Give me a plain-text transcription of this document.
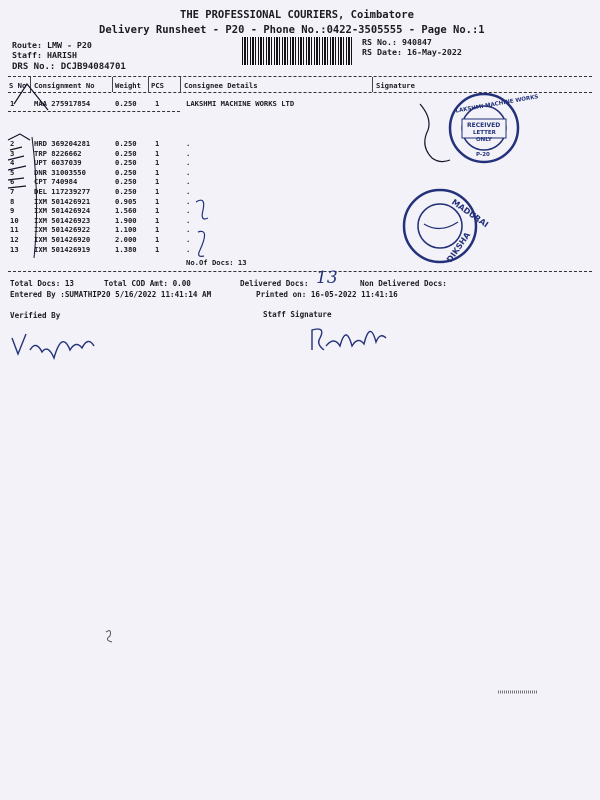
THE PROFESSIONAL COURIERS, Coimbatore
Delivery Runsheet - P20 - Phone No.:0422-3505555 - Page No.:1
Route: LMW - P20
Staff: HARISH
DRS No.: DCJB94084701
RS No.: 940847
RS Date: 16-May-2022
S No Consignment No	Weight PCS	Consignee Details	Signature
1	MAA 275917854	0.250	1	LAKSHMI MACHINE WORKS LTD
2	HRD 369204281	0.250	1	.
3	TRP 8226662	0.250	1	.
4	UPT 6037039	0.250	1	.
5	DNR 31003550	0.250	1	.
6	CPT 740984	0.250	1	.
7	DEL 117239277	0.250	1	.
8	IXM 501426921	0.905	1	.
9	IXM 501426924	1.560	1	.
10 IXM 501426923	1.900	1	.
11 IXM 501426922	1.100	1	.
12 IXM 501426920	2.000	1	.
13 IXM 501426919	1.380	1	.
No.Of Docs: 13
Total Docs: 13	Total COD Amt: 0.00	Delivered Docs: 13	Non Delivered Docs:
Entered By :SUMATHIP20 5/16/2022 11:41:14 AM	Printed on: 16-05-2022 11:41:16
Verified By	Staff Signature
LAKSHMI MACHINE WORKS
RECEIVED
LETTER
ONLY
P-20
MADURAI
DIKSHA
